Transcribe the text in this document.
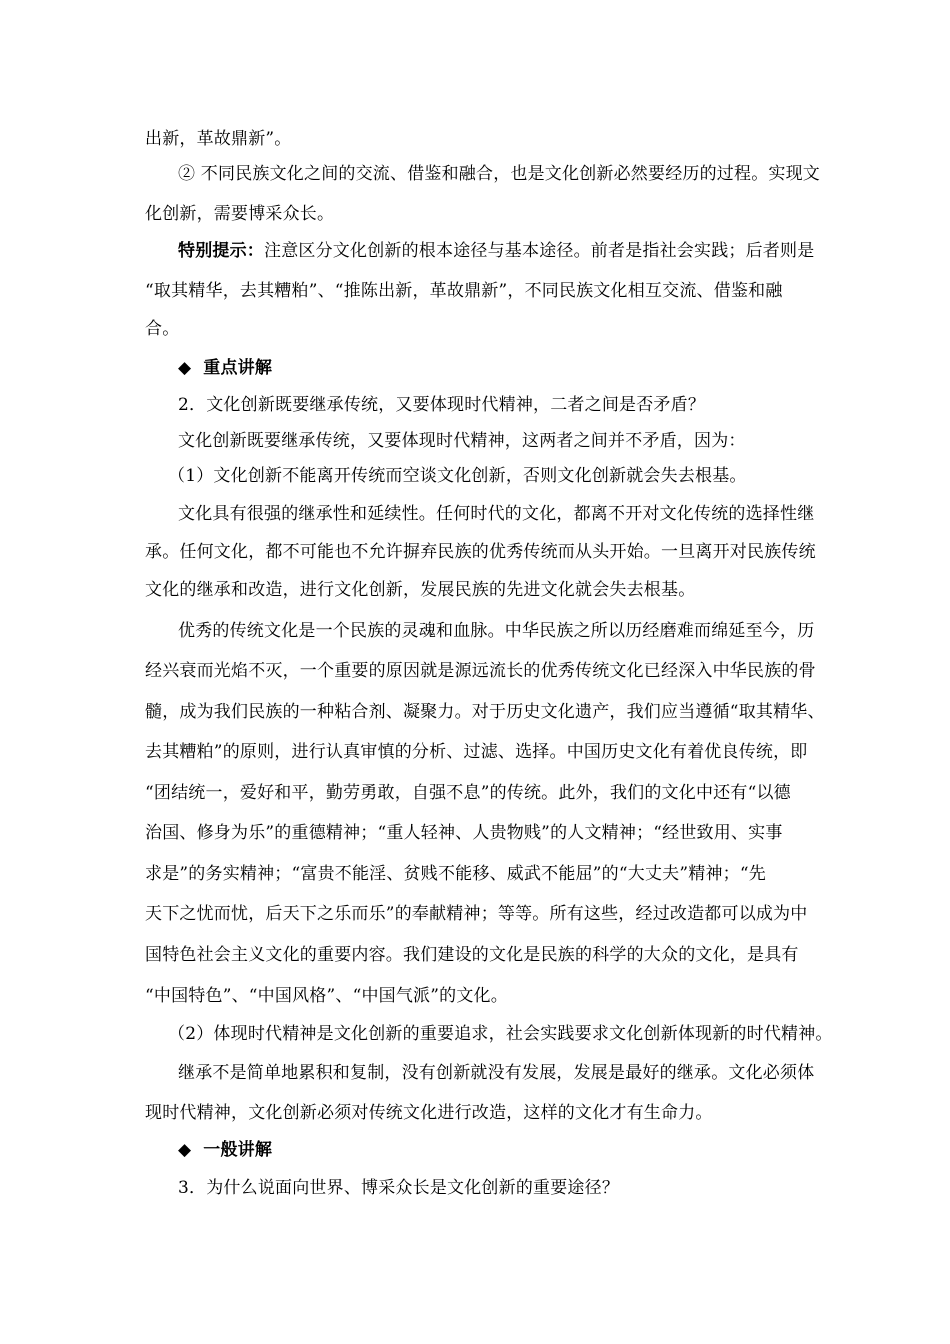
出新，革故鼎新”。
② 不同民族文化之间的交流、借鉴和融合，也是文化创新必然要经历的过程。实现文
化创新，需要博采众长。
特别提示：注意区分文化创新的根本途径与基本途径。前者是指社会实践；后者则是
“取其精华，去其糟粕”、“推陈出新，革故鼎新”，不同民族文化相互交流、借鉴和融
合。
◆ 重点讲解
2．文化创新既要继承传统，又要体现时代精神，二者之间是否矛盾？
文化创新既要继承传统，又要体现时代精神，这两者之间并不矛盾，因为：
（1）文化创新不能离开传统而空谈文化创新，否则文化创新就会失去根基。
文化具有很强的继承性和延续性。任何时代的文化，都离不开对文化传统的选择性继
承。任何文化，都不可能也不允许摒弃民族的优秀传统而从头开始。一旦离开对民族传统
文化的继承和改造，进行文化创新，发展民族的先进文化就会失去根基。
优秀的传统文化是一个民族的灵魂和血脉。中华民族之所以历经磨难而绵延至今，历
经兴衰而光焰不灭，一个重要的原因就是源远流长的优秀传统文化已经深入中华民族的骨
髓，成为我们民族的一种粘合剂、凝聚力。对于历史文化遗产，我们应当遵循“取其精华、
去其糟粕”的原则，进行认真审慎的分析、过滤、选择。中国历史文化有着优良传统，即
“团结统一，爱好和平，勤劳勇敢，自强不息”的传统。此外，我们的文化中还有“以德
治国、修身为乐”的重德精神；“重人轻神、人贵物贱”的人文精神；“经世致用、实事
求是”的务实精神；“富贵不能淫、贫贱不能移、威武不能屈”的“大丈夫”精神；“先
天下之忧而忧，后天下之乐而乐”的奉献精神；等等。所有这些，经过改造都可以成为中
国特色社会主义文化的重要内容。我们建设的文化是民族的科学的大众的文化，是具有
“中国特色”、“中国风格”、“中国气派”的文化。
（2）体现时代精神是文化创新的重要追求，社会实践要求文化创新体现新的时代精神。
继承不是简单地累积和复制，没有创新就没有发展，发展是最好的继承。文化必须体
现时代精神，文化创新必须对传统文化进行改造，这样的文化才有生命力。
◆ 一般讲解
3．为什么说面向世界、博采众长是文化创新的重要途径？
